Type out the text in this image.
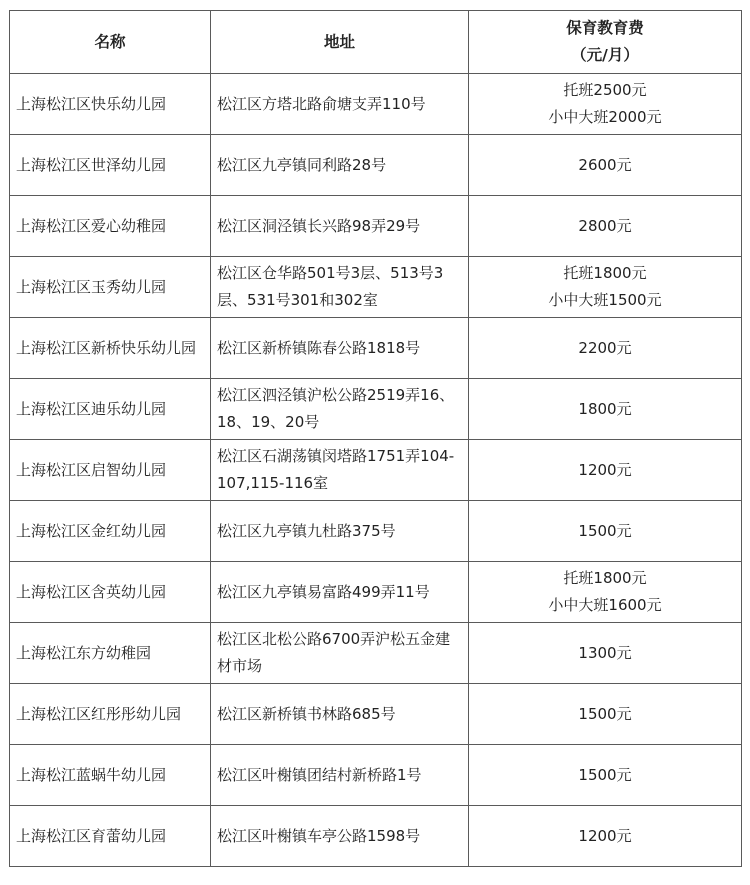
名称	地址	保育教育费
（元/月）

上海松江区快乐幼儿园	松江区方塔北路俞塘支弄110号	托班2500元
小中大班2000元

上海松江区世泽幼儿园	松江区九亭镇同利路28号	2600元

上海松江区爱心幼稚园	松江区洞泾镇长兴路98弄29号	2800元

上海松江区玉秀幼儿园	松江区仓华路501号3层、513号3层、531号301和302室	托班1800元
小中大班1500元

上海松江区新桥快乐幼儿园	松江区新桥镇陈春公路1818号	2200元

上海松江区迪乐幼儿园	松江区泗泾镇沪松公路2519弄16、18、19、20号	1800元

上海松江区启智幼儿园	松江区石湖荡镇闵塔路1751弄104-107,115-116室	1200元

上海松江区金红幼儿园	松江区九亭镇九杜路375号	1500元

上海松江区含英幼儿园	松江区九亭镇易富路499弄11号	托班1800元
小中大班1600元

上海松江东方幼稚园	松江区北松公路6700弄沪松五金建材市场	1300元

上海松江区红彤彤幼儿园	松江区新桥镇书林路685号	1500元

上海松江蓝蜗牛幼儿园	松江区叶榭镇团结村新桥路1号	1500元

上海松江区育蕾幼儿园	松江区叶榭镇车亭公路1598号	1200元
